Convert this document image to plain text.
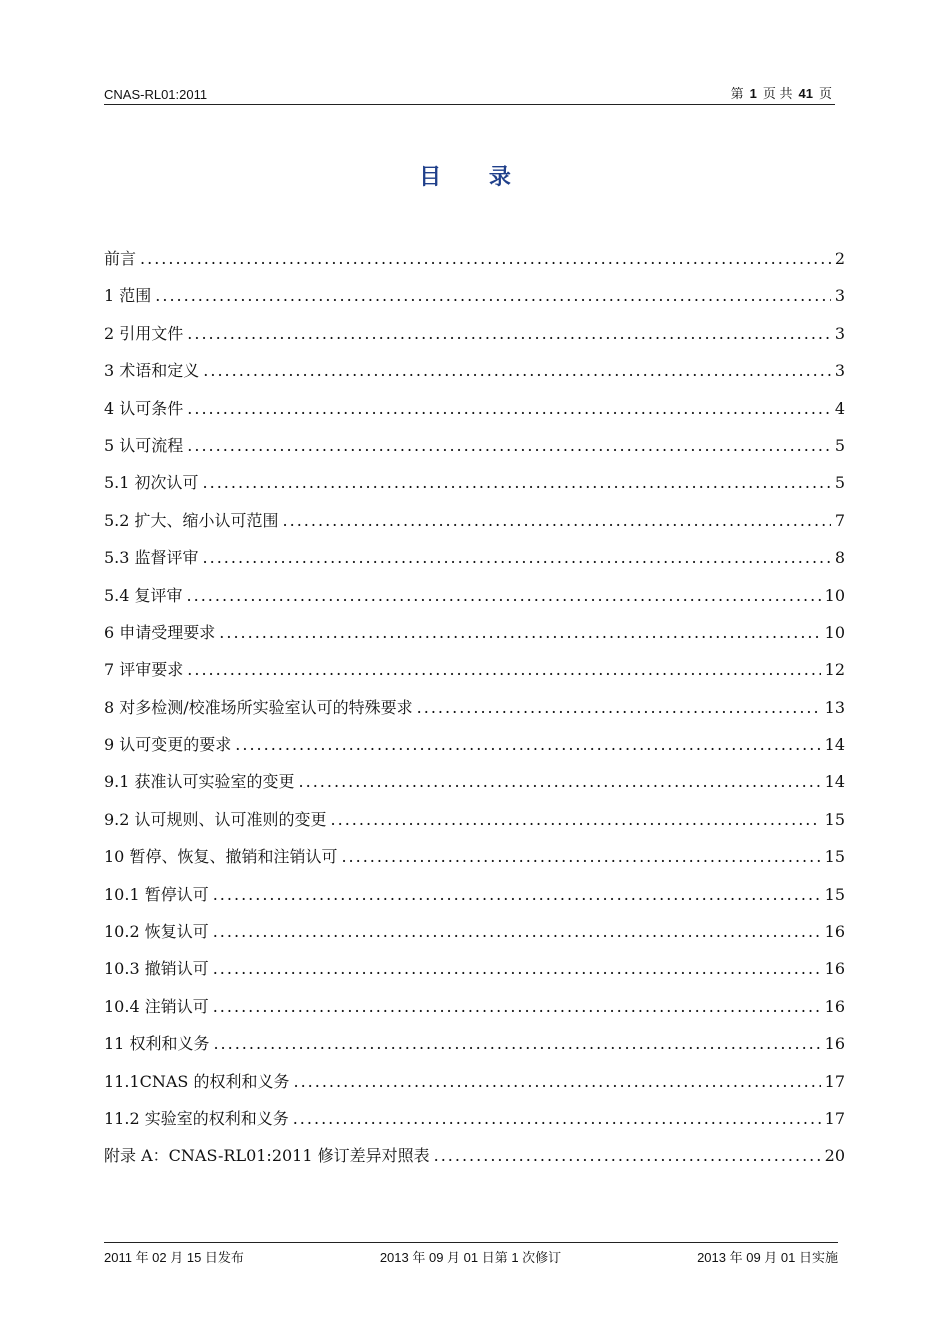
CNAS-RL01:2011	第 1 页 共 41 页
目 录
前言 .....	2
1 范围 .....	3
2 引用文件 .....	3
3 术语和定义 .....	3
4 认可条件 .....	4
5 认可流程 .....	5
5.1 初次认可 .....	5
5.2 扩大、缩小认可范围 .....	7
5.3 监督评审 .....	8
5.4 复评审 .....	10
6 申请受理要求 .....	10
7 评审要求 .....	12
8 对多检测/校准场所实验室认可的特殊要求 .....	13
9 认可变更的要求 .....	14
9.1 获准认可实验室的变更 .....	14
9.2 认可规则、认可准则的变更 .....	15
10 暂停、恢复、撤销和注销认可 .....	15
10.1 暂停认可 .....	15
10.2 恢复认可 .....	16
10.3 撤销认可 .....	16
10.4 注销认可 .....	16
11 权利和义务 .....	16
11.1CNAS 的权利和义务 .....	17
11.2 实验室的权利和义务 .....	17
附录 A：CNAS-RL01:2011 修订差异对照表 .....	20
2011 年 02 月 15 日发布	2013 年 09 月 01 日第 1 次修订	2013 年 09 月 01 日实施
